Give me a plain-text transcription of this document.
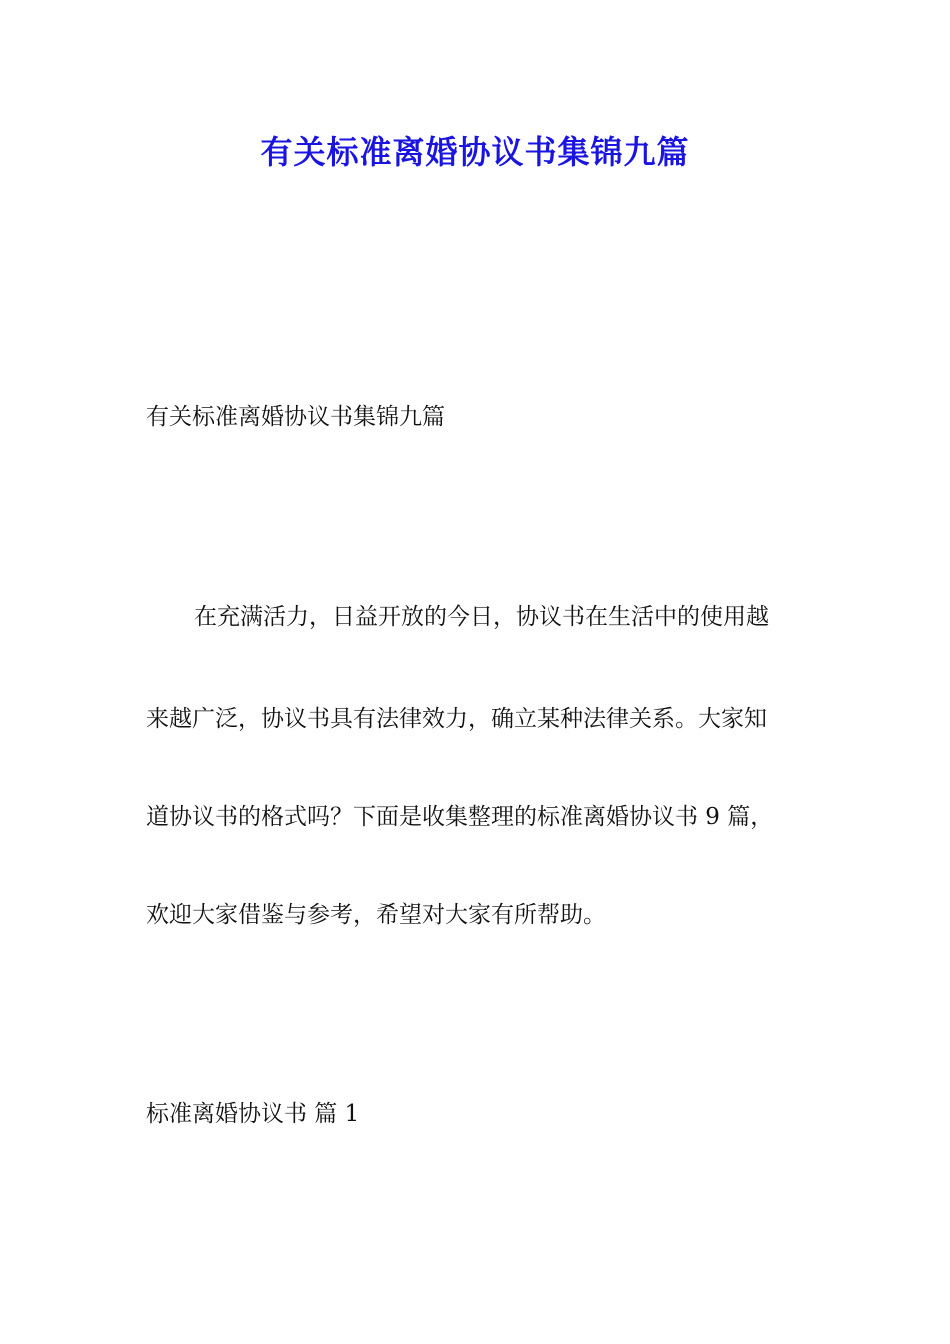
有关标准离婚协议书集锦九篇

有关标准离婚协议书集锦九篇

在充满活力，日益开放的今日，协议书在生活中的使用越

来越广泛，协议书具有法律效力，确立某种法律关系。大家知

道协议书的格式吗？下面是收集整理的标准离婚协议书 9 篇，

欢迎大家借鉴与参考，希望对大家有所帮助。

标准离婚协议书 篇 1
